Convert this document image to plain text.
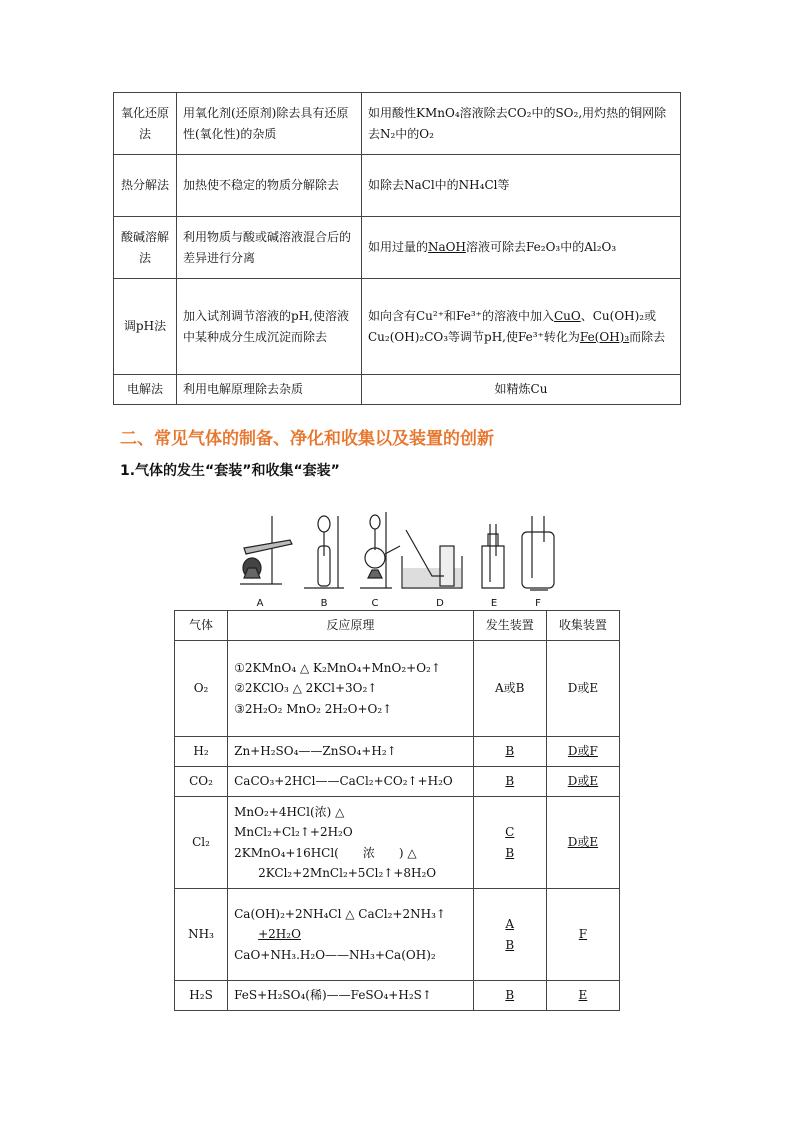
氧化还原法	用氧化剂(还原剂)除去具有还原性(氧化性)的杂质	如用酸性KMnO₄溶液除去CO₂中的SO₂,用灼热的铜网除去N₂中的O₂
热分解法	加热使不稳定的物质分解除去	如除去NaCl中的NH₄Cl等
酸碱溶解法	利用物质与酸或碱溶液混合后的差异进行分离	如用过量的NaOH溶液可除去Fe₂O₃中的Al₂O₃
调pH法	加入试剂调节溶液的pH,使溶液中某种成分生成沉淀而除去	如向含有Cu²⁺和Fe³⁺的溶液中加入CuO、Cu(OH)₂或Cu₂(OH)₂CO₃等调节pH,使Fe³⁺转化为Fe(OH)₃而除去
电解法	利用电解原理除去杂质	如精炼Cu
二、常见气体的制备、净化和收集以及装置的创新
1.气体的发生“套装”和收集“套装”
A	B	C	D	E	F
气体	反应原理	发生装置	收集装置
O₂	①2KMnO₄ △ K₂MnO₄+MnO₂+O₂↑
②2KClO₃ △ 2KCl+3O₂↑
③2H₂O₂ MnO₂ 2H₂O+O₂↑	A或B	D或E
H₂	Zn+H₂SO₄——ZnSO₄+H₂↑	B	D或F
CO₂	CaCO₃+2HCl——CaCl₂+CO₂↑+H₂O	B	D或E
Cl₂	MnO₂+4HCl(浓) △ MnCl₂+Cl₂↑+2H₂O
2KMnO₄+16HCl(　　浓　　) △
2KCl₂+2MnCl₂+5Cl₂↑+8H₂O	C
B	D或E
NH₃	Ca(OH)₂+2NH₄Cl △ CaCl₂+2NH₃↑
+2H₂O
CaO+NH₃.H₂O——NH₃+Ca(OH)₂	A
B	F
H₂S	FeS+H₂SO₄(稀)——FeSO₄+H₂S↑	B	E
